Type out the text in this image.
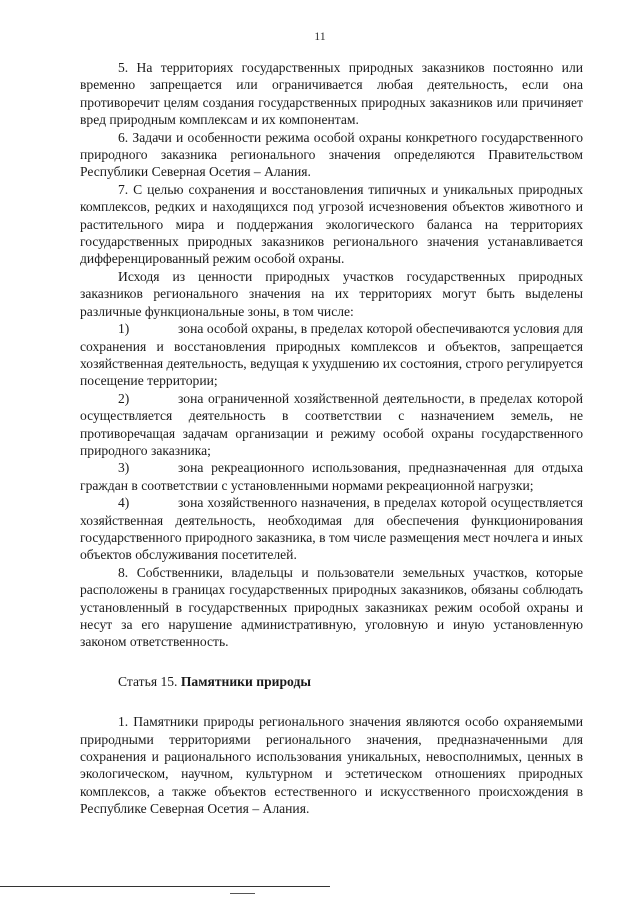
11

5. На территориях государственных природных заказников постоянно или временно запрещается или ограничивается любая деятельность, если она противоречит целям создания государственных природных заказников или причиняет вред природным комплексам и их компонентам.

6. Задачи и особенности режима особой охраны конкретного государственного природного заказника регионального значения определяются Правительством Республики Северная Осетия – Алания.

7. С целью сохранения и восстановления типичных и уникальных природных комплексов, редких и находящихся под угрозой исчезновения объектов животного и растительного мира и поддержания экологического баланса на территориях государственных природных заказников регионального значения устанавливается дифференцированный режим особой охраны.

Исходя из ценности природных участков государственных природных заказников регионального значения на их территориях могут быть выделены различные функциональные зоны, в том числе:

1)	зона особой охраны, в пределах которой обеспечиваются условия для сохранения и восстановления природных комплексов и объектов, запрещается хозяйственная деятельность, ведущая к ухудшению их состояния, строго регулируется посещение территории;

2)	зона ограниченной хозяйственной деятельности, в пределах которой осуществляется деятельность в соответствии с назначением земель, не противоречащая задачам организации и режиму особой охраны государственного природного заказника;

3)	зона рекреационного использования, предназначенная для отдыха граждан в соответствии с установленными нормами рекреационной нагрузки;

4)	зона хозяйственного назначения, в пределах которой осуществляется хозяйственная деятельность, необходимая для обеспечения функционирования государственного природного заказника, в том числе размещения мест ночлега и иных объектов обслуживания посетителей.

8. Собственники, владельцы и пользователи земельных участков, которые расположены в границах государственных природных заказников, обязаны соблюдать установленный в государственных природных заказниках режим особой охраны и несут за его нарушение административную, уголовную и иную установленную законом ответственность.

Статья 15. Памятники природы

1. Памятники природы регионального значения являются особо охраняемыми природными территориями регионального значения, предназначенными для сохранения и рационального использования уникальных, невосполнимых, ценных в экологическом, научном, культурном и эстетическом отношениях природных комплексов, а также объектов естественного и искусственного происхождения в Республике Северная Осетия – Алания.
